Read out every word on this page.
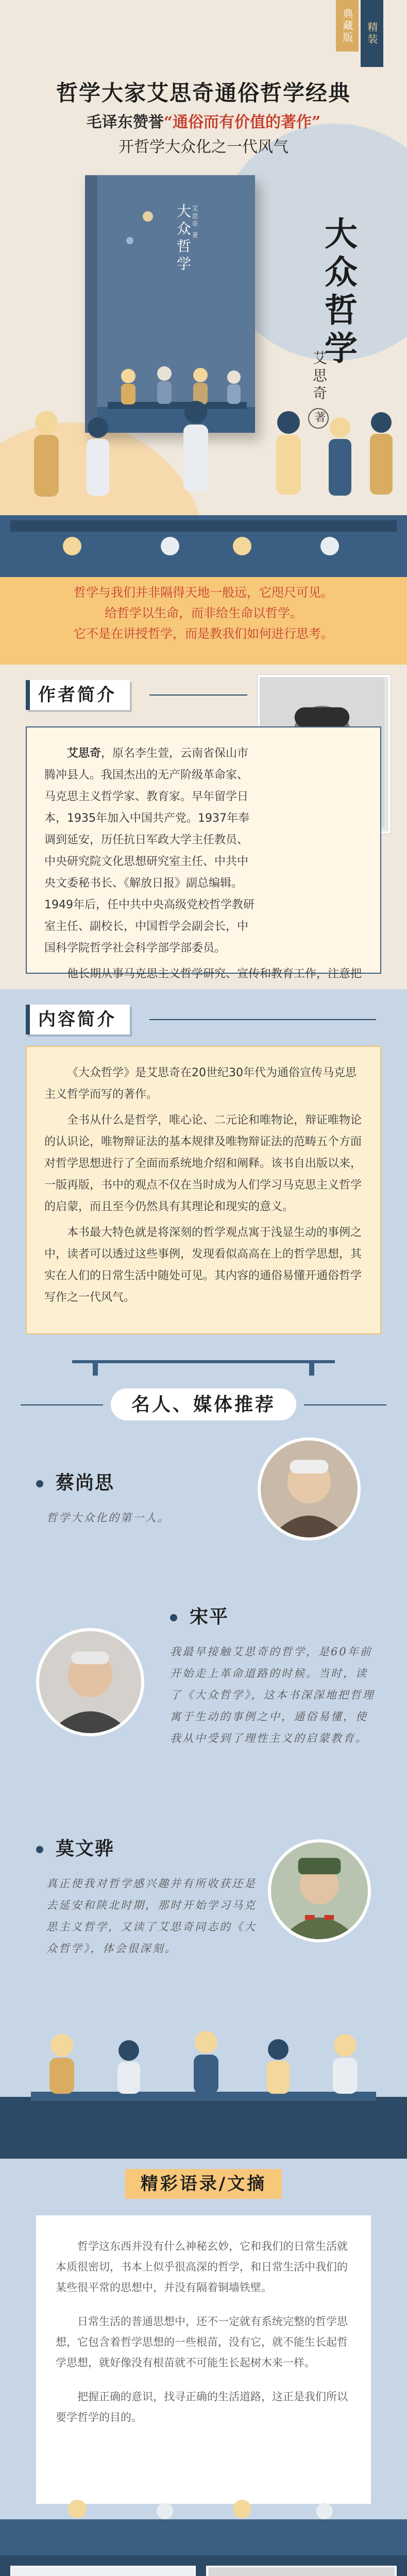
典藏版	精装
哲学大家艾思奇通俗哲学经典
毛译东赞誉“通俗而有价值的著作”
开哲学大众化之一代风气
大众哲学 艾思奇 著	大众哲学
艾思奇著
哲学与我们并非隔得天地一般远，它咫尺可见。
给哲学以生命，而非给生命以哲学。
它不是在讲授哲学，而是教我们如何进行思考。
作者简介

艾思奇，原名李生萱，云南省保山市腾冲县人。我国杰出的无产阶级革命家、马克思主义哲学家、教育家。早年留学日本，1935年加入中国共产党。1937年奉调到延安，历任抗日军政大学主任教员、中央研究院文化思想研究室主任、中共中央文委秘书长、《解放日报》副总编辑。1949年后，任中共中央高级党校哲学教研室主任、副校长，中国哲学会副会长，中国科学院哲学社会科学部学部委员。

他长期从事马克思主义哲学研究、宣传和教育工作，注意把

内容简介

《大众哲学》是艾思奇在20世纪30年代为通俗宣传马克思主义哲学而写的著作。

全书从什么是哲学，唯心论、二元论和唯物论，辩证唯物论的认识论，唯物辩证法的基本规律及唯物辩证法的范畴五个方面对哲学思想进行了全面而系统地介绍和阐释。该书自出版以来，一版再版，书中的观点不仅在当时成为人们学习马克思主义哲学的启蒙，而且至今仍然具有其理论和现实的意义。

本书最大特色就是将深刻的哲学观点寓于浅显生动的事例之中，读者可以透过这些事例，发现看似高高在上的哲学思想，其实在人们的日常生活中随处可见。其内容的通俗易懂开通俗哲学写作之一代风气。

名人、媒体推荐
蔡尚思
哲学大众化的第一人。
宋平
我最早接触艾思奇的哲学，是60年前开始走上革命道路的时候。当时，读了《大众哲学》，这本书深深地把哲理寓于生动的事例之中，通俗易懂，使我从中受到了理性主义的启蒙教育。
莫文骅
真正使我对哲学感兴趣并有所收获还是去延安和陕北时期，那时开始学习马克思主义哲学，又读了艾思奇同志的《大众哲学》，体会很深刻。
精彩语录/文摘

哲学这东西并没有什么神秘玄妙，它和我们的日常生活就本质很密切，书本上似乎很高深的哲学，和日常生活中我们的某些很平常的思想中，并没有隔着铜墙铁壁。

日常生活的普通思想中，还不一定就有系统完整的哲学思想，它包含着哲学思想的一些根苗，没有它，就不能生长起哲学思想，就好像没有根苗就不可能生长起树木来一样。

把握正确的意识，找寻正确的生活道路，这正是我们所以要学哲学的目的。
